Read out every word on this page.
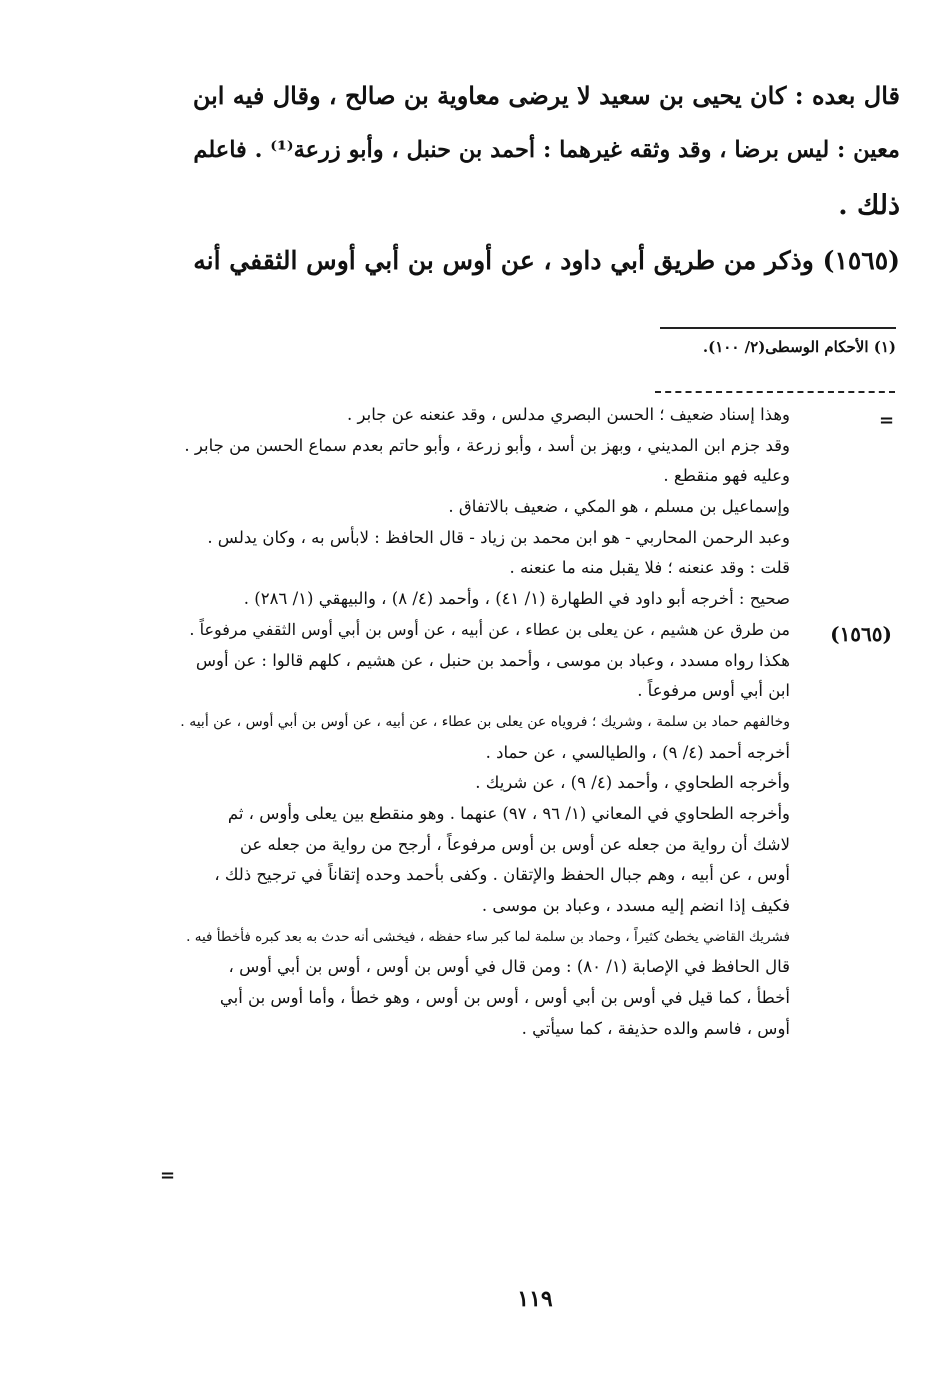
قال بعده : كان يحيى بن سعيد لا يرضى معاوية بن صالح ، وقال فيه ابن
معين : ليس برضا ، وقد وثقه غيرهما : أحمد بن حنبل ، وأبو زرعة⁽¹⁾ . فاعلم
ذلك .
(١٥٦٥) وذكر من طريق أبي داود ، عن أوس بن أبي أوس الثقفي أنه
(١) الأحكام الوسطى(٢/ ١٠٠).
=
=
(١٥٦٥)
وهذا إسناد ضعيف ؛ الحسن البصري مدلس ، وقد عنعنه عن جابر .
وقد جزم ابن المديني ، وبهز بن أسد ، وأبو زرعة ، وأبو حاتم بعدم سماع الحسن من جابر .
وعليه فهو منقطع .
وإسماعيل بن مسلم ، هو المكي ، ضعيف بالاتفاق .
وعبد الرحمن المحاربي - هو ابن محمد بن زياد - قال الحافظ : لابأس به ، وكان يدلس .
قلت : وقد عنعنه ؛ فلا يقبل منه ما عنعنه .
صحيح : أخرجه أبو داود في الطهارة (١/ ٤١) ، وأحمد (٤/ ٨) ، والبيهقي (١/ ٢٨٦) .
من طرق عن هشيم ، عن يعلى بن عطاء ، عن أبيه ، عن أوس بن أبي أوس الثقفي مرفوعاً .
هكذا رواه مسدد ، وعباد بن موسى ، وأحمد بن حنبل ، عن هشيم ، كلهم قالوا : عن أوس
ابن أبي أوس مرفوعاً .
وخالفهم حماد بن سلمة ، وشريك ؛ فروياه عن يعلى بن عطاء ، عن أبيه ، عن أوس بن أبي أوس ، عن أبيه .
أخرجه أحمد (٤/ ٩) ، والطيالسي ، عن حماد .
وأخرجه الطحاوي ، وأحمد (٤/ ٩) ، عن شريك .
وأخرجه الطحاوي في المعاني (١/ ٩٦ ، ٩٧) عنهما . وهو منقطع بين يعلى وأوس ، ثم
لاشك أن رواية من جعله عن أوس بن أوس مرفوعاً ، أرجح من رواية من جعله عن
أوس ، عن أبيه ، وهم جبال الحفظ والإتقان . وكفى بأحمد وحده إتقاناً في ترجيح ذلك ،
فكيف إذا انضم إليه مسدد ، وعباد بن موسى .
فشريك القاضي يخطئ كثيراً ، وحماد بن سلمة لما كبر ساء حفظه ، فيخشى أنه حدث به بعد كبره فأخطأ فيه .
قال الحافظ في الإصابة (١/ ٨٠) : ومن قال في أوس بن أوس ، أوس بن أبي أوس ،
أخطأ ، كما قيل في أوس بن أبي أوس ، أوس بن أوس ، وهو خطأ ، وأما أوس بن أبي
أوس ، فاسم والده حذيفة ، كما سيأتي .
١١٩
